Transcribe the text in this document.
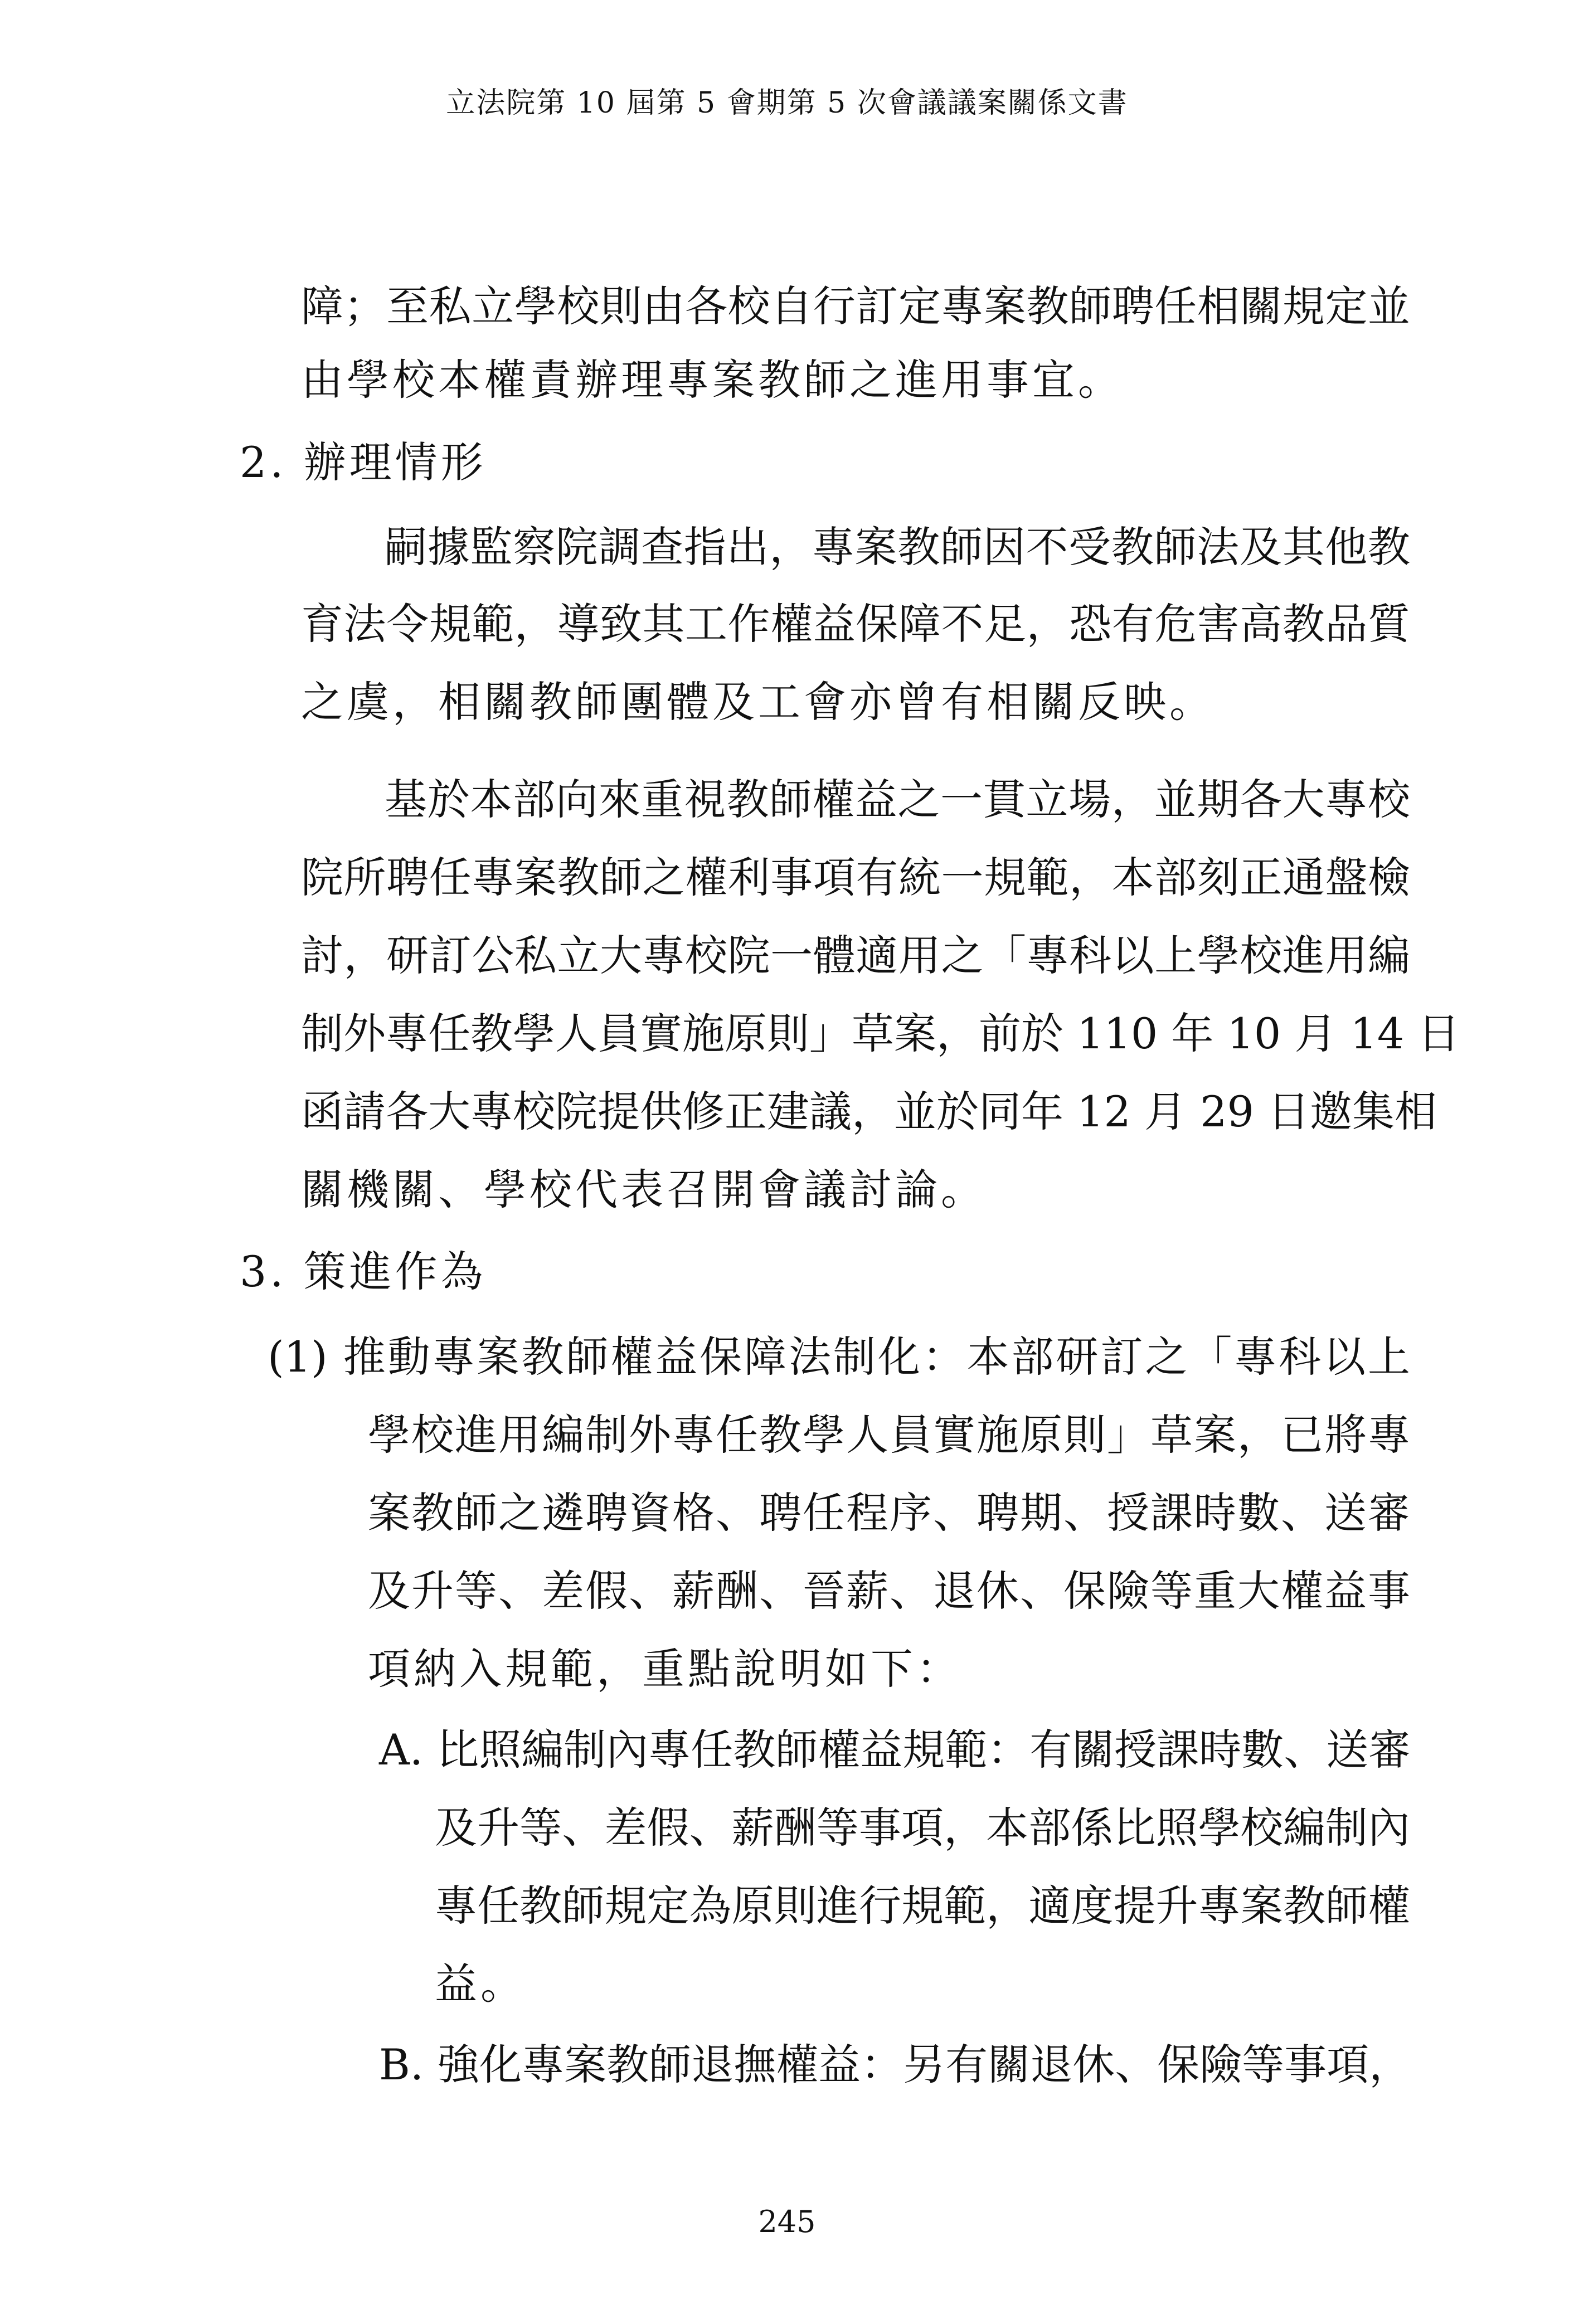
立法院第 10 屆第 5 會期第 5 次會議議案關係文書
障；至私立學校則由各校自行訂定專案教師聘任相關規定並
由學校本權責辦理專案教師之進用事宜。
2. 辦理情形
嗣據監察院調查指出，專案教師因不受教師法及其他教
育法令規範，導致其工作權益保障不足，恐有危害高教品質
之虞，相關教師團體及工會亦曾有相關反映。
基於本部向來重視教師權益之一貫立場，並期各大專校
院所聘任專案教師之權利事項有統一規範，本部刻正通盤檢
討，研訂公私立大專校院一體適用之「專科以上學校進用編
制外專任教學人員實施原則」草案，前於 110 年 10 月 14 日
函請各大專校院提供修正建議，並於同年 12 月 29 日邀集相
關機關、學校代表召開會議討論。
3. 策進作為
(1) 推動專案教師權益保障法制化：本部研訂之「專科以上
學校進用編制外專任教學人員實施原則」草案，已將專
案教師之遴聘資格、聘任程序、聘期、授課時數、送審
及升等、差假、薪酬、晉薪、退休、保險等重大權益事
項納入規範，重點說明如下：
A. 比照編制內專任教師權益規範：有關授課時數、送審
及升等、差假、薪酬等事項，本部係比照學校編制內
專任教師規定為原則進行規範，適度提升專案教師權
益。
B. 強化專案教師退撫權益：另有關退休、保險等事項，
245
